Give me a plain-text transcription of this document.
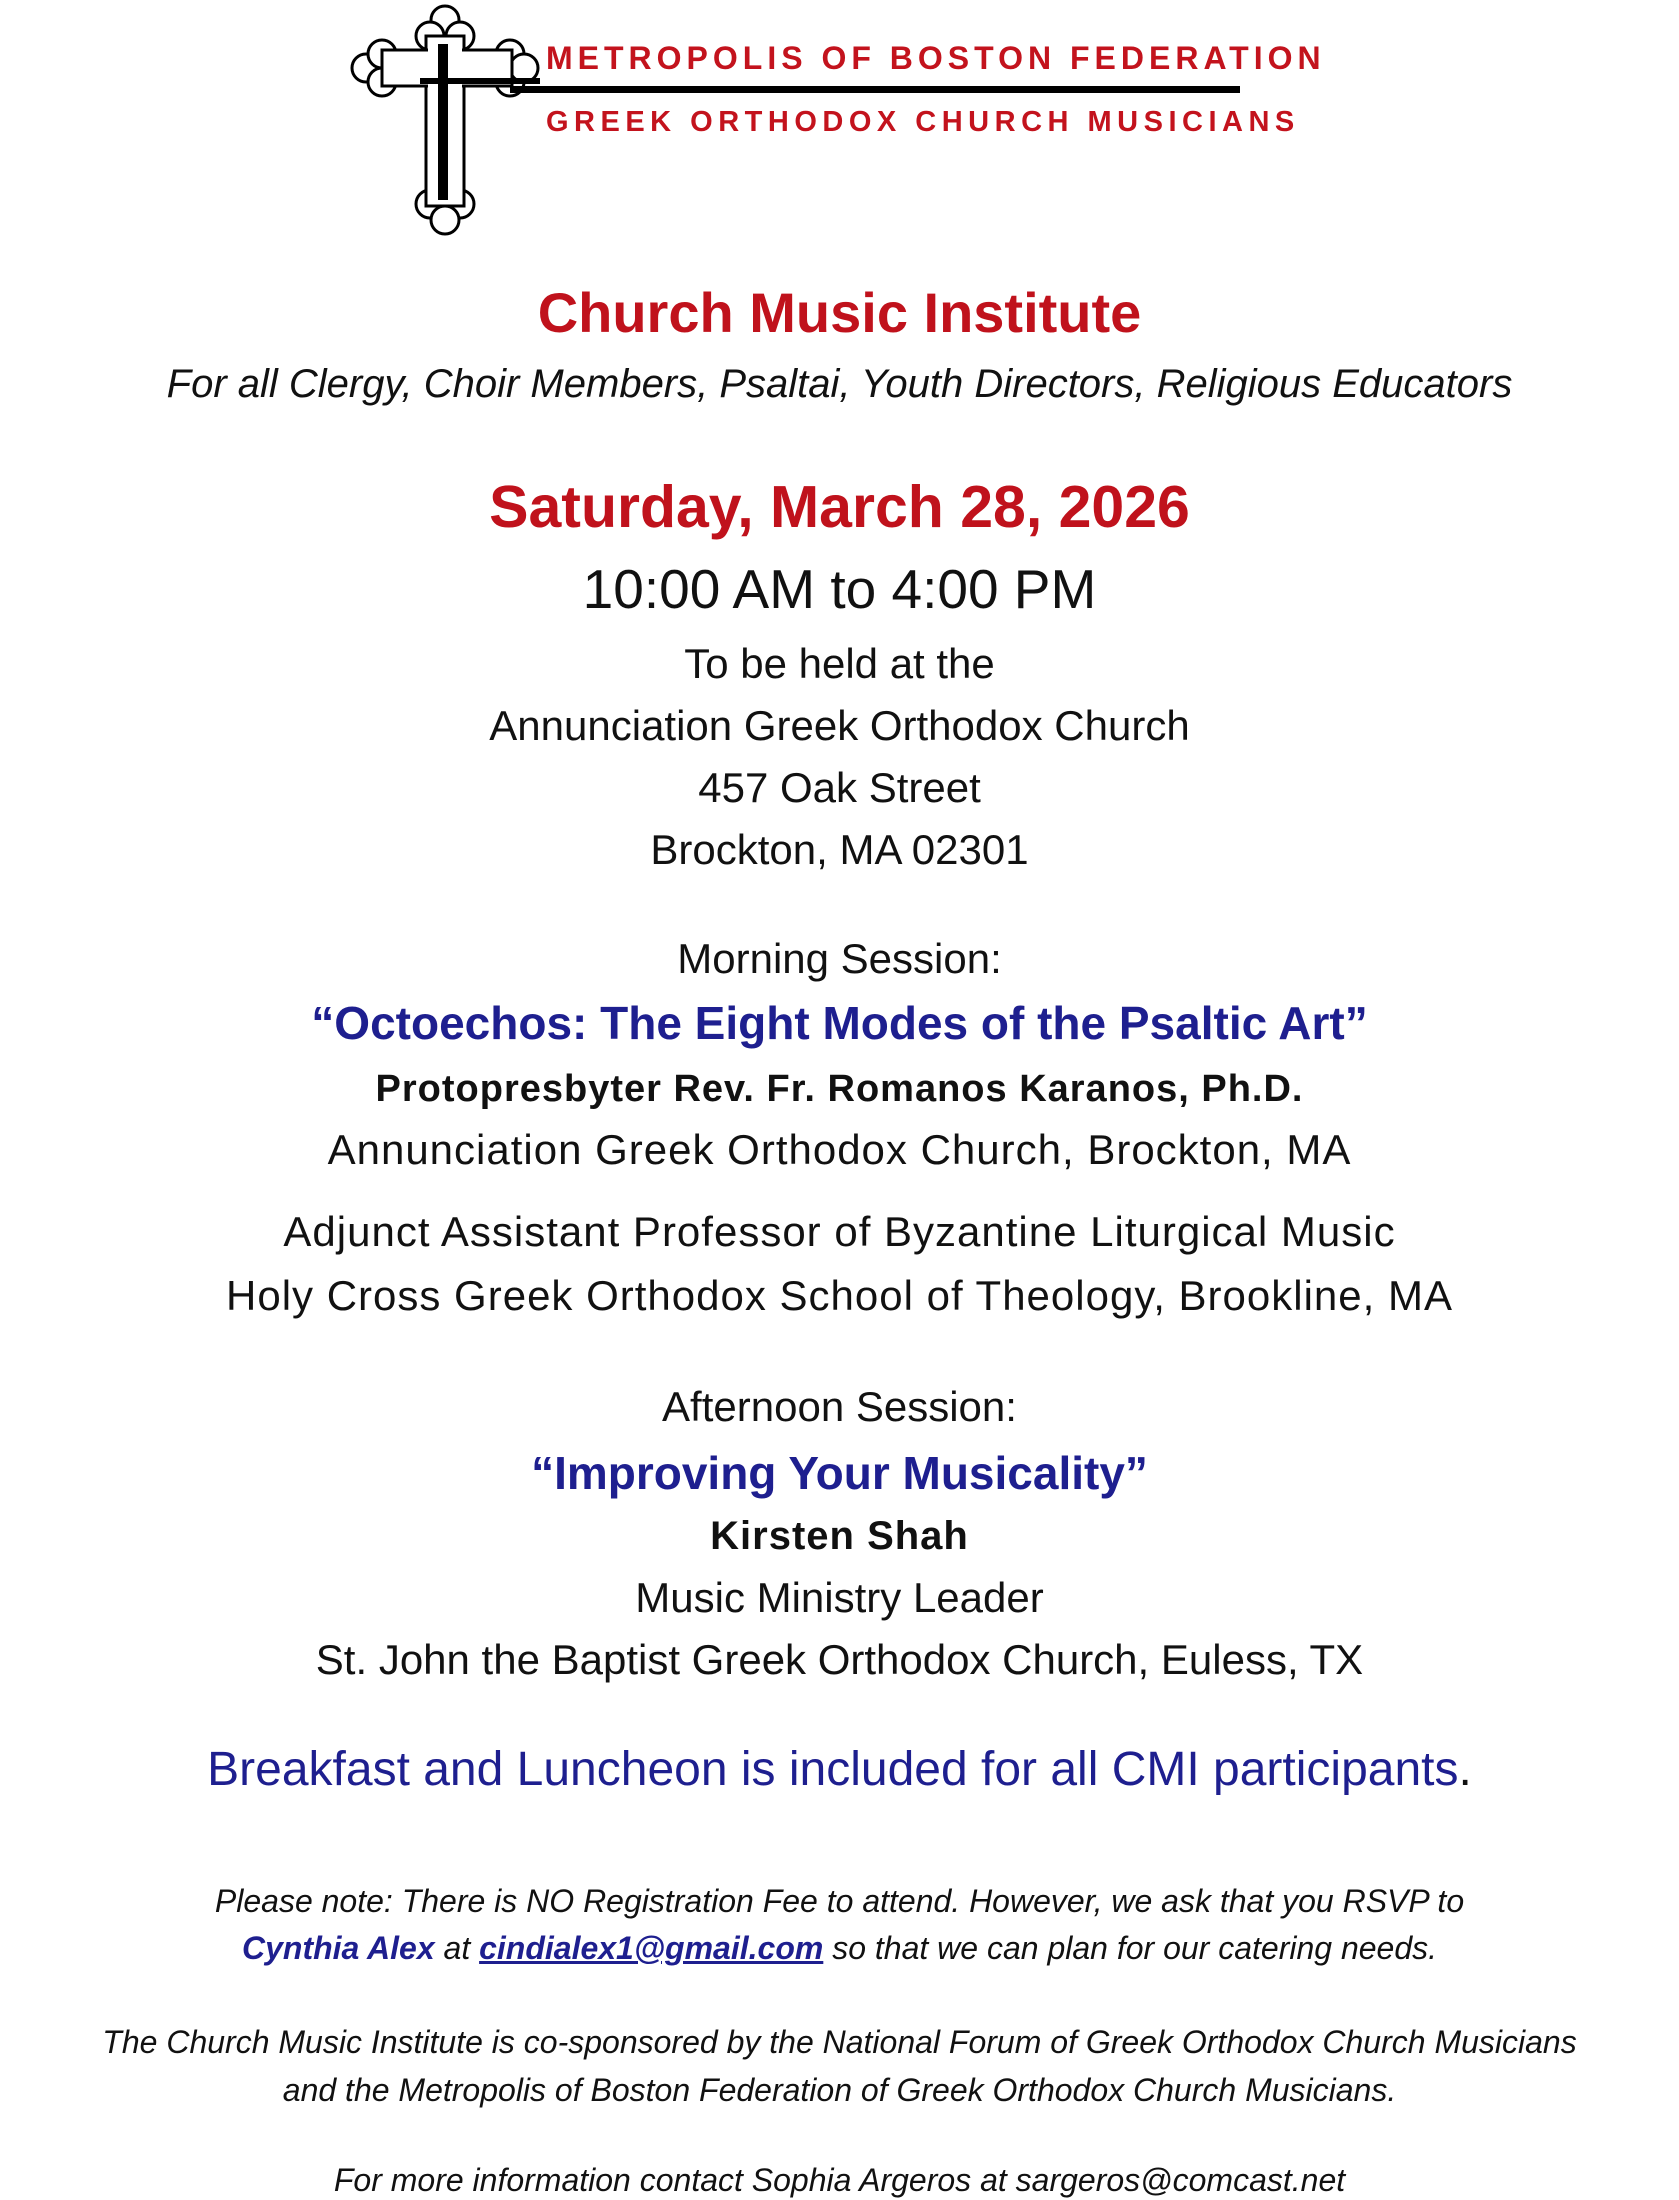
METROPOLIS OF BOSTON FEDERATION
GREEK ORTHODOX CHURCH MUSICIANS
Church Music Institute
For all Clergy, Choir Members, Psaltai, Youth Directors, Religious Educators
Saturday, March 28, 2026
10:00 AM to 4:00 PM
To be held at the
Annunciation Greek Orthodox Church
457 Oak Street
Brockton, MA 02301
Morning Session:
“Octoechos: The Eight Modes of the Psaltic Art”
Protopresbyter Rev. Fr. Romanos Karanos, Ph.D.
Annunciation Greek Orthodox Church, Brockton, MA
Adjunct Assistant Professor of Byzantine Liturgical Music
Holy Cross Greek Orthodox School of Theology, Brookline, MA
Afternoon Session:
“Improving Your Musicality”
Kirsten Shah
Music Ministry Leader
St. John the Baptist Greek Orthodox Church, Euless, TX
Breakfast and Luncheon is included for all CMI participants.
Please note: There is NO Registration Fee to attend. However, we ask that you RSVP to
Cynthia Alex at cindialex1@gmail.com so that we can plan for our catering needs.
The Church Music Institute is co-sponsored by the National Forum of Greek Orthodox Church Musicians
and the Metropolis of Boston Federation of Greek Orthodox Church Musicians.
For more information contact Sophia Argeros at sargeros@comcast.net
